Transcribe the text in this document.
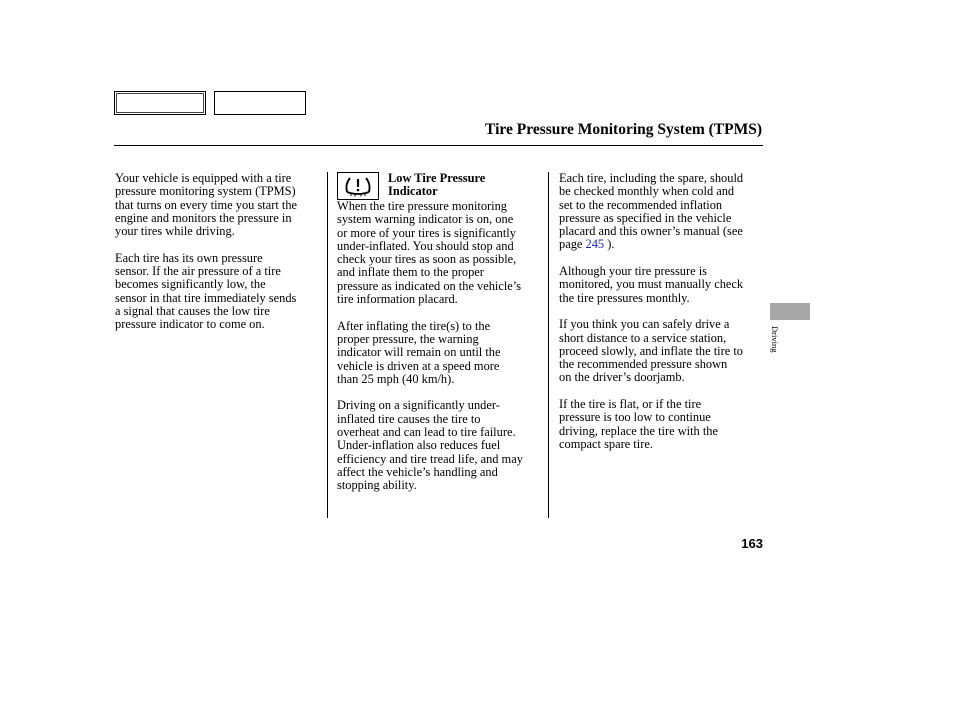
Tire Pressure Monitoring System (TPMS)

Your vehicle is equipped with a tire
pressure monitoring system (TPMS)
that turns on every time you start the
engine and monitors the pressure in
your tires while driving.

Each tire has its own pressure
sensor. If the air pressure of a tire
becomes significantly low, the
sensor in that tire immediately sends
a signal that causes the low tire
pressure indicator to come on.

Low Tire Pressure
Indicator

When the tire pressure monitoring
system warning indicator is on, one
or more of your tires is significantly
under-inflated. You should stop and
check your tires as soon as possible,
and inflate them to the proper
pressure as indicated on the vehicle’s
tire information placard.

After inflating the tire(s) to the
proper pressure, the warning
indicator will remain on until the
vehicle is driven at a speed more
than 25 mph (40 km/h).

Driving on a significantly under-
inflated tire causes the tire to
overheat and can lead to tire failure.
Under-inflation also reduces fuel
efficiency and tire tread life, and may
affect the vehicle’s handling and
stopping ability.

Each tire, including the spare, should
be checked monthly when cold and
set to the recommended inflation
pressure as specified in the vehicle
placard and this owner’s manual (see
page 245 ).

Although your tire pressure is
monitored, you must manually check
the tire pressures monthly.

If you think you can safely drive a
short distance to a service station,
proceed slowly, and inflate the tire to
the recommended pressure shown
on the driver’s doorjamb.

If the tire is flat, or if the tire
pressure is too low to continue
driving, replace the tire with the
compact spare tire.

Driving
163
